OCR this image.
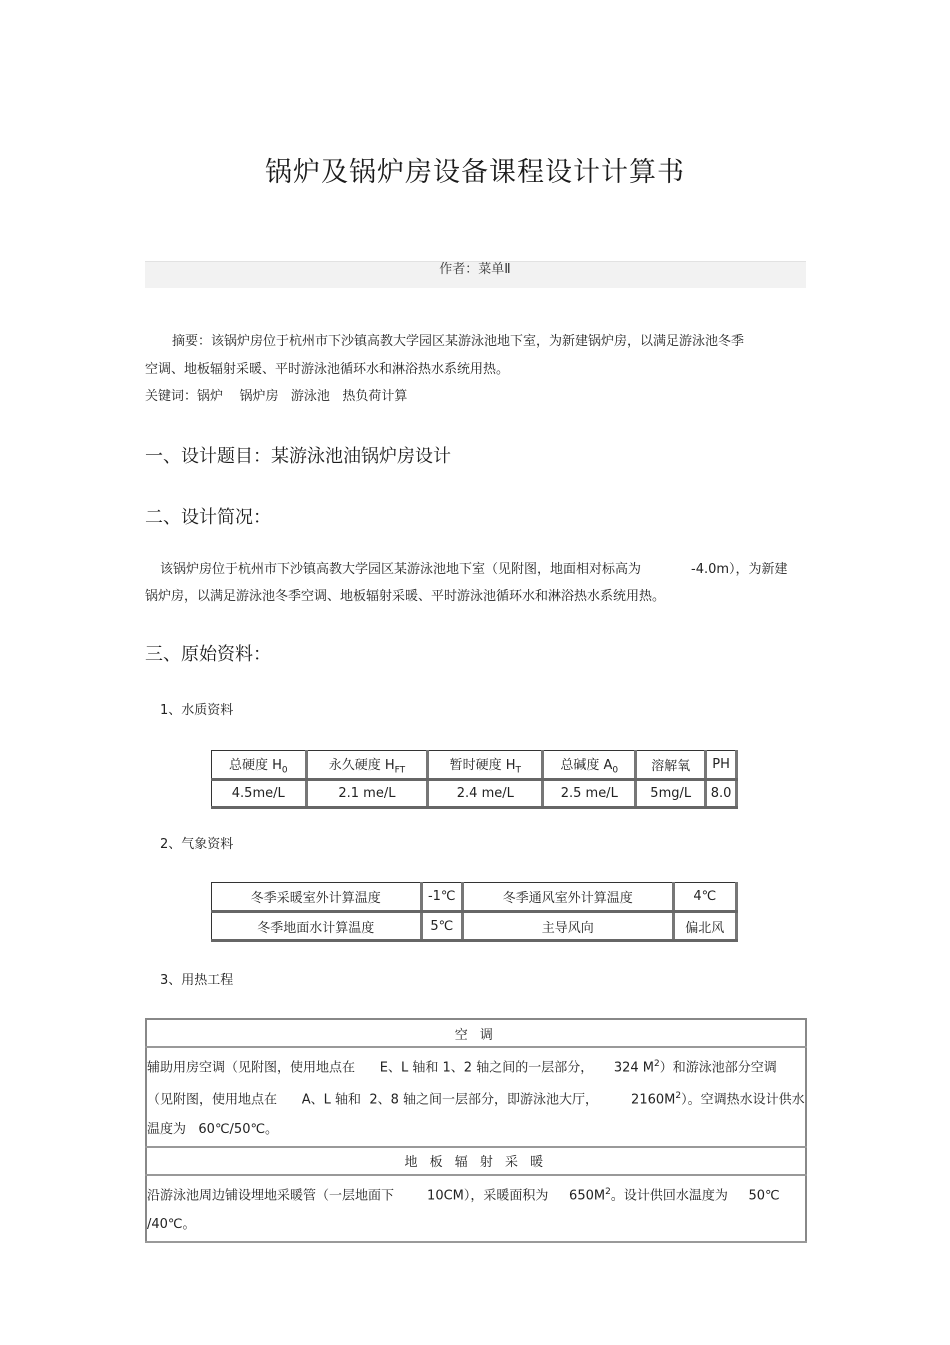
锅炉及锅炉房设备课程设计计算书
作者：菜单Ⅱ
摘要：该锅炉房位于杭州市下沙镇高教大学园区某游泳池地下室，为新建锅炉房，以满足游泳池冬季
空调、地板辐射采暖、平时游泳池循环水和淋浴热水系统用热。
关键词：锅炉    锅炉房   游泳池   热负荷计算
一、设计题目：某游泳池油锅炉房设计
二、设计简况：
该锅炉房位于杭州市下沙镇高教大学园区某游泳池地下室（见附图，地面相对标高为	-4.0m），为新建
锅炉房，以满足游泳池冬季空调、地板辐射采暖、平时游泳池循环水和淋浴热水系统用热。
三、原始资料：
1、水质资料
总硬度 $H_0$	永久硬度 $H_{FT}$	暂时硬度 $H_T$	总碱度 $A_0$	溶解氧	PH
4.5me/L	2.1 me/L	2.4 me/L	2.5 me/L	5mg/L	8.0
2、气象资料
冬季采暖室外计算温度	-1℃	冬季通风室外计算温度	4℃
冬季地面水计算温度	5℃	主导风向	偏北风
3、用热工程
空 调

辅助用房空调（见附图，使用地点在      E、L 轴和 1、2 轴之间的一层部分，     324 $M^2$）和游泳池部分空调
（见附图，使用地点在      A、L 轴和  2、8 轴之间一层部分，即游泳池大厅，        $2160M^2$）。空调热水设计供水
温度为   60℃/50℃。

地 板 辐 射 采 暖

沿游泳池周边铺设埋地采暖管（一层地面下        10CM），采暖面积为     $650M^2$。设计供回水温度为     50℃
/40℃。
